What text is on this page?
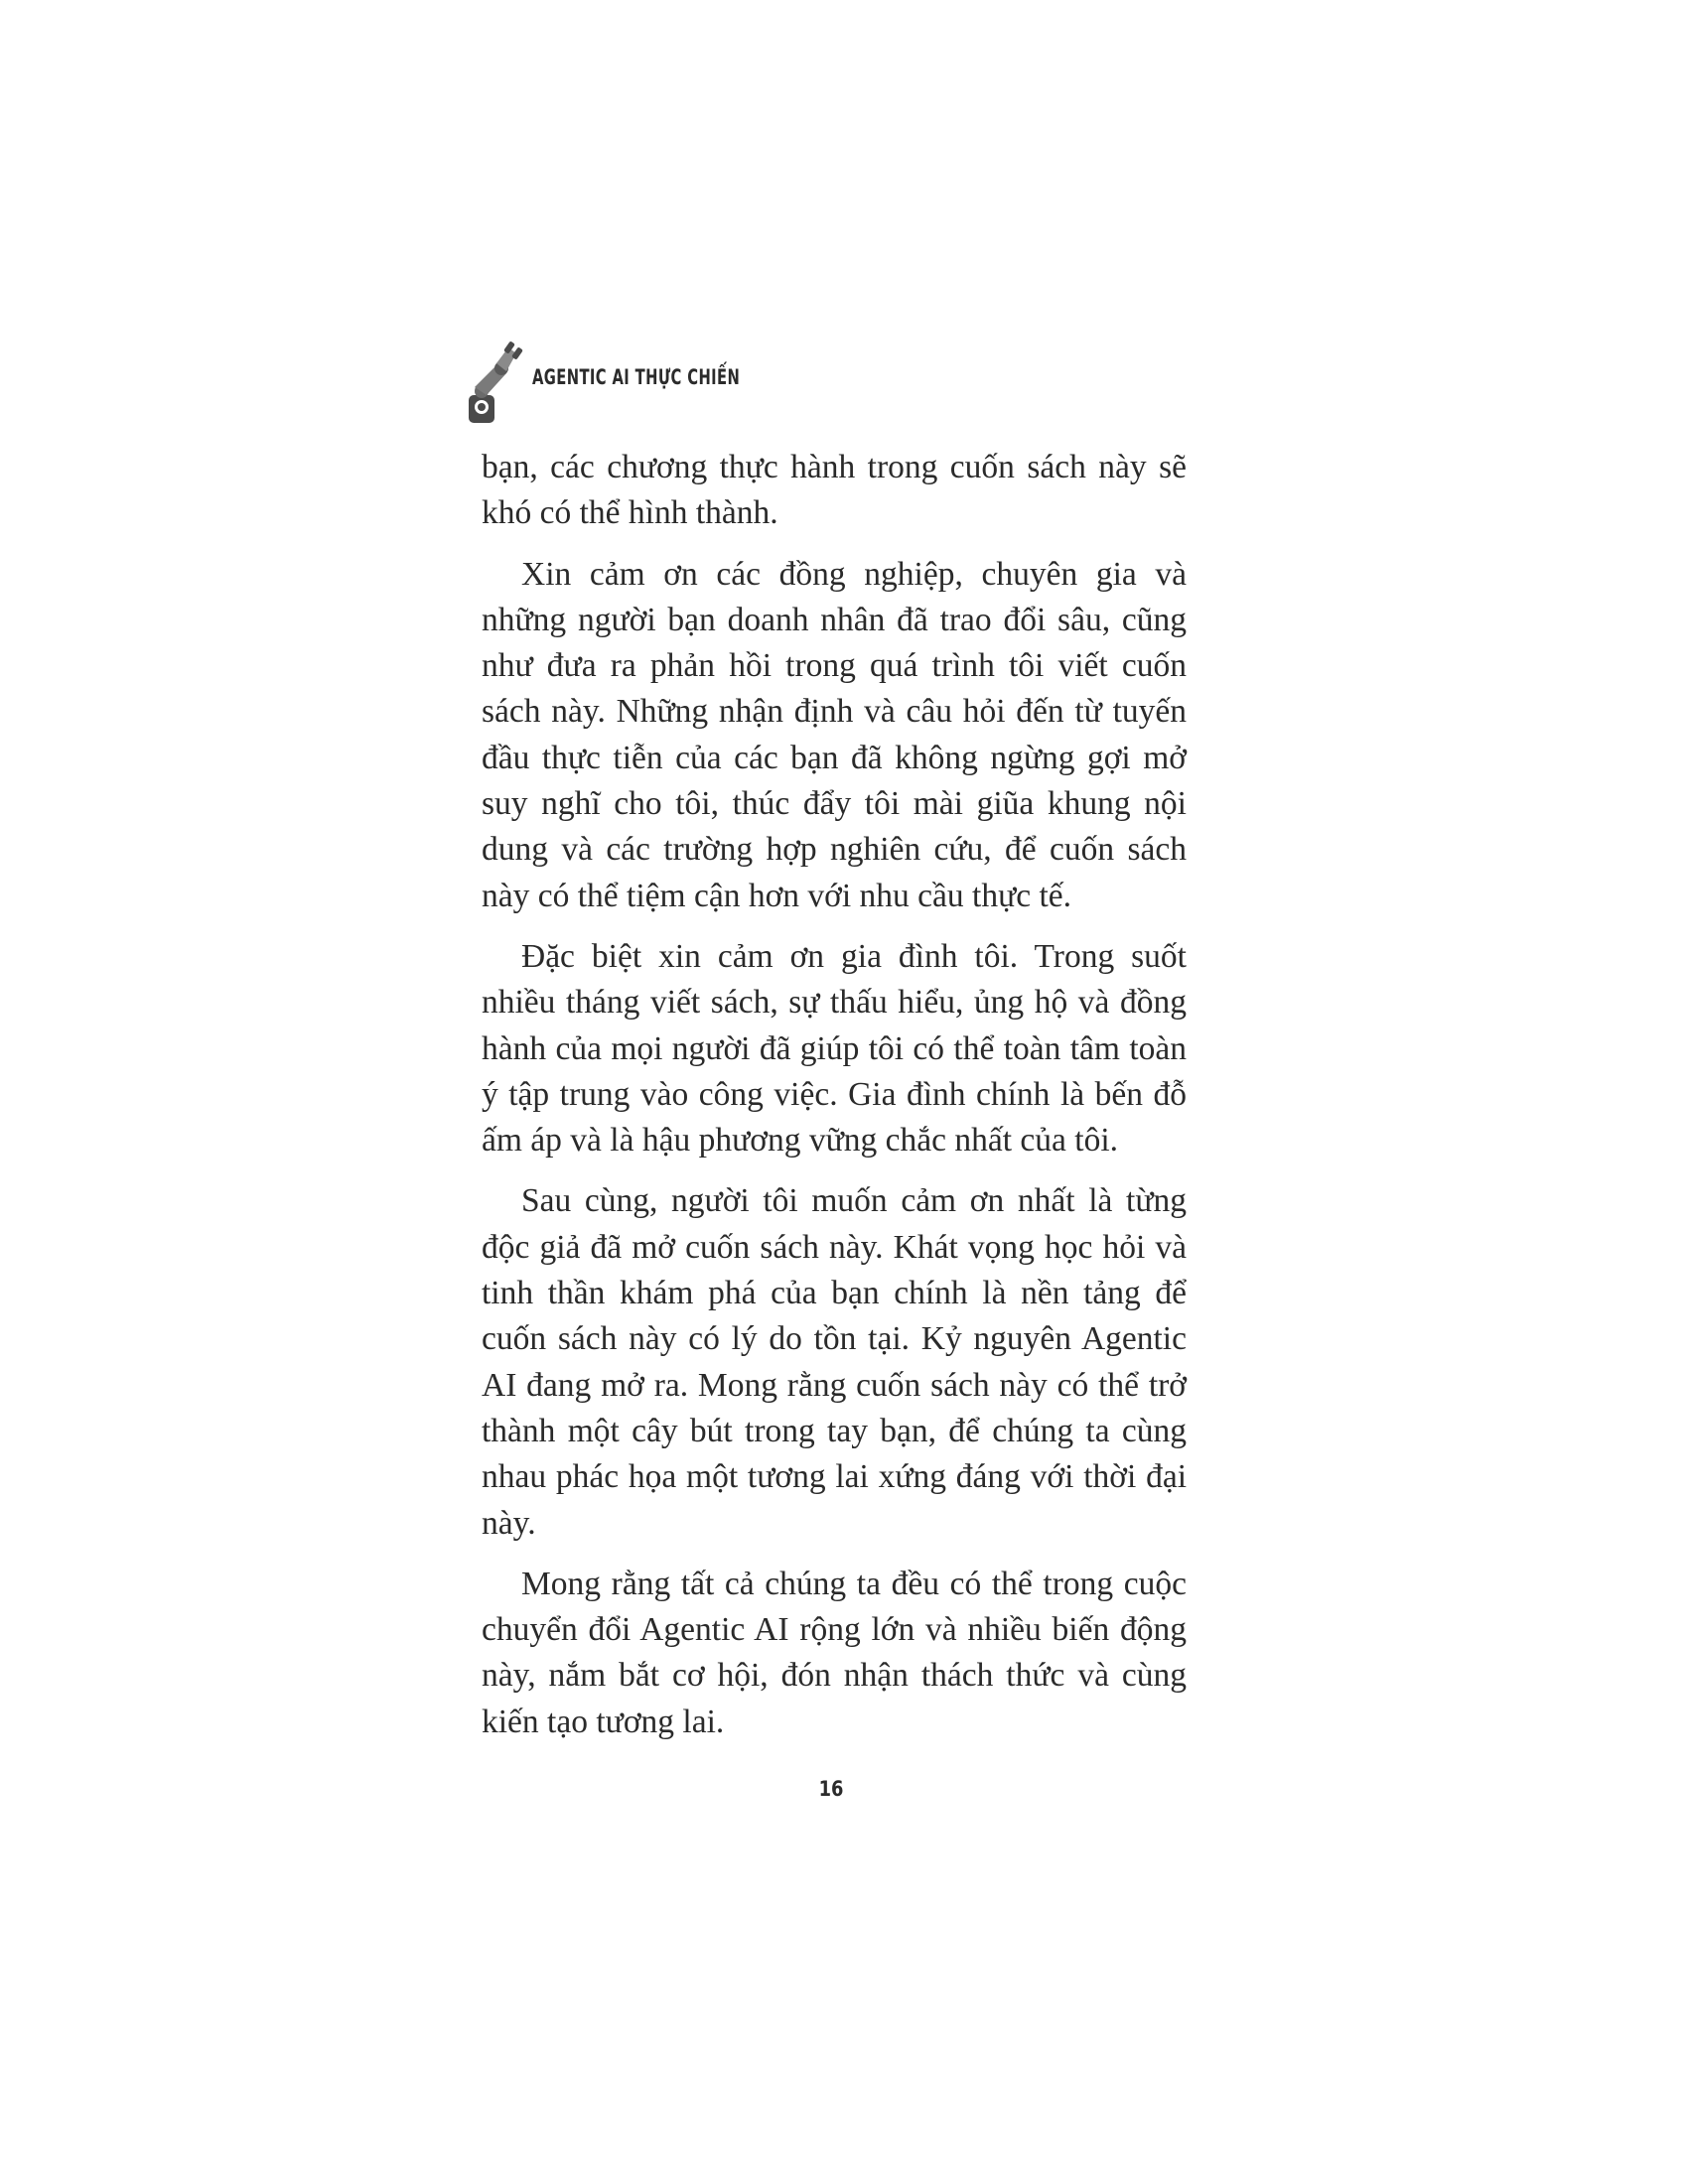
AGENTIC AI THỰC CHIẾN

bạn, các chương thực hành trong cuốn sách này sẽ khó có thể hình thành.

Xin cảm ơn các đồng nghiệp, chuyên gia và những người bạn doanh nhân đã trao đổi sâu, cũng như đưa ra phản hồi trong quá trình tôi viết cuốn sách này. Những nhận định và câu hỏi đến từ tuyến đầu thực tiễn của các bạn đã không ngừng gợi mở suy nghĩ cho tôi, thúc đẩy tôi mài giũa khung nội dung và các trường hợp nghiên cứu, để cuốn sách này có thể tiệm cận hơn với nhu cầu thực tế.

Đặc biệt xin cảm ơn gia đình tôi. Trong suốt nhiều tháng viết sách, sự thấu hiểu, ủng hộ và đồng hành của mọi người đã giúp tôi có thể toàn tâm toàn ý tập trung vào công việc. Gia đình chính là bến đỗ ấm áp và là hậu phương vững chắc nhất của tôi.

Sau cùng, người tôi muốn cảm ơn nhất là từng độc giả đã mở cuốn sách này. Khát vọng học hỏi và tinh thần khám phá của bạn chính là nền tảng để cuốn sách này có lý do tồn tại. Kỷ nguyên Agentic AI đang mở ra. Mong rằng cuốn sách này có thể trở thành một cây bút trong tay bạn, để chúng ta cùng nhau phác họa một tương lai xứng đáng với thời đại này.

Mong rằng tất cả chúng ta đều có thể trong cuộc chuyển đổi Agentic AI rộng lớn và nhiều biến động này, nắm bắt cơ hội, đón nhận thách thức và cùng kiến tạo tương lai.

16
